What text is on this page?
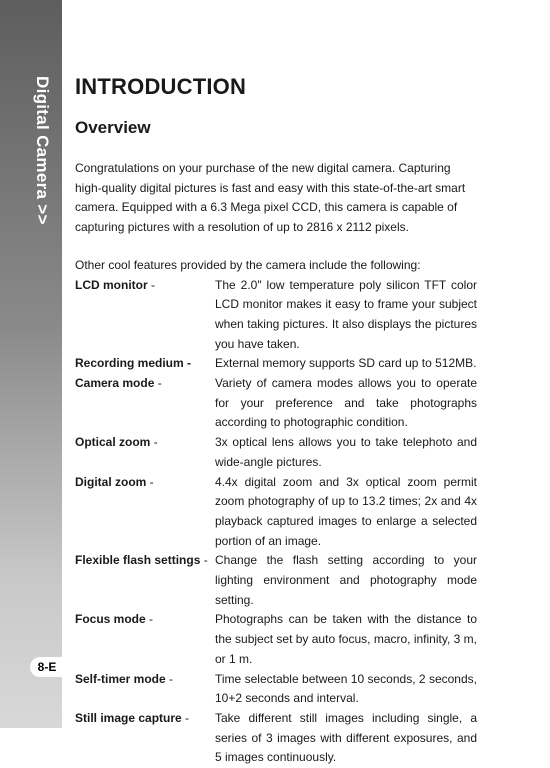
Digital Camera >>
8-E
INTRODUCTION
Overview

Congratulations on your purchase of the new digital camera. Capturing high-quality digital pictures is fast and easy with this state-of-the-art smart camera. Equipped with a 6.3 Mega pixel CCD, this camera is capable of capturing pictures with a resolution of up to 2816 x 2112 pixels.

Other cool features provided by the camera include the following:

LCD monitor -	The 2.0" low temperature poly silicon TFT color LCD monitor makes it easy to frame your subject when taking pictures. It also displays the pictures you have taken.
Recording medium -	External memory supports SD card up to 512MB.
Camera mode -	Variety of camera modes allows you to operate for your preference and take photographs according to photographic condition.
Optical zoom -	3x optical lens allows you to take telephoto and wide-angle pictures.
Digital zoom -	4.4x digital zoom and 3x optical zoom permit zoom photography of up to 13.2 times; 2x and 4x playback captured images to enlarge a selected portion of an image.
Flexible flash settings - Change the flash setting according to your lighting environment and photography mode setting.
Focus mode -	Photographs can be taken with the distance to the subject set by auto focus, macro, infinity, 3 m, or 1 m.
Self-timer mode -	Time selectable between 10 seconds, 2 seconds, 10+2 seconds and interval.
Still image capture -	Take different still images including single, a series of 3 images with different exposures, and 5 images continuously.
